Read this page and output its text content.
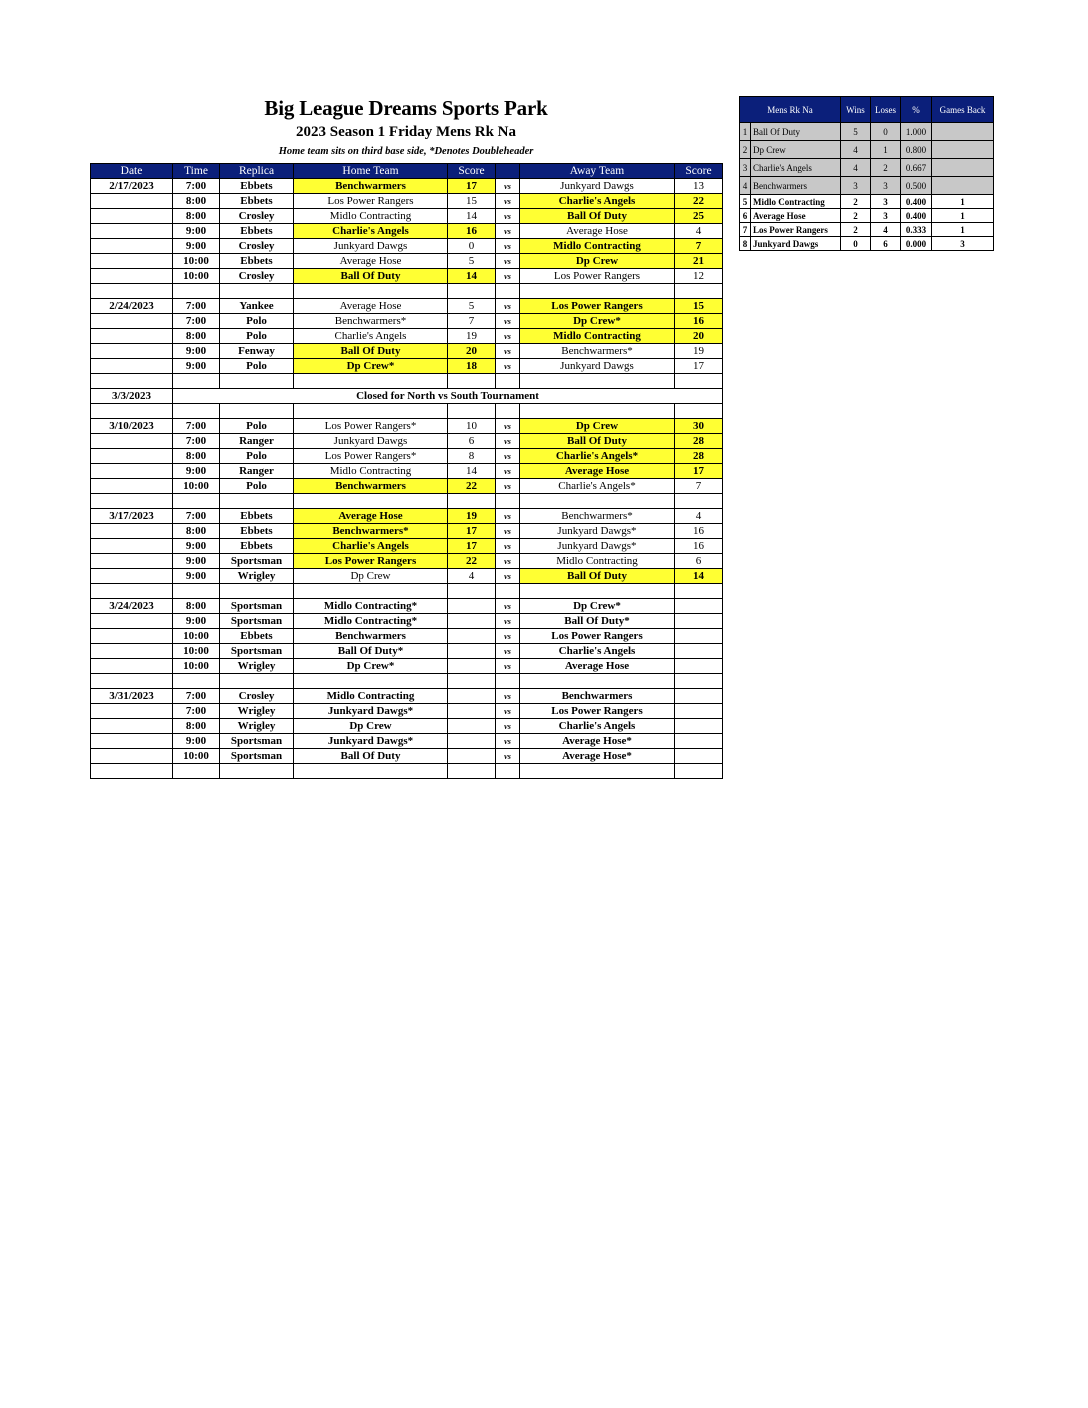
Big League Dreams Sports Park
2023 Season 1 Friday Mens Rk Na
Home team sits on third base side, *Denotes Doubleheader
Date	Time	Replica	Home Team	Score		Away Team	Score
2/17/2023	7:00	Ebbets	Benchwarmers	17	vs	Junkyard Dawgs	13
	8:00	Ebbets	Los Power Rangers	15	vs	Charlie's Angels	22
	8:00	Crosley	Midlo Contracting	14	vs	Ball Of Duty	25
	9:00	Ebbets	Charlie's Angels	16	vs	Average Hose	4
	9:00	Crosley	Junkyard Dawgs	0	vs	Midlo Contracting	7
	10:00	Ebbets	Average Hose	5	vs	Dp Crew	21
	10:00	Crosley	Ball Of Duty	14	vs	Los Power Rangers	12

2/24/2023	7:00	Yankee	Average Hose	5	vs	Los Power Rangers	15
	7:00	Polo	Benchwarmers*	7	vs	Dp Crew*	16
	8:00	Polo	Charlie's Angels	19	vs	Midlo Contracting	20
	9:00	Fenway	Ball Of Duty	20	vs	Benchwarmers*	19
	9:00	Polo	Dp Crew*	18	vs	Junkyard Dawgs	17

3/3/2023	Closed for North vs South Tournament						

3/10/2023	7:00	Polo	Los Power Rangers*	10	vs	Dp Crew	30
	7:00	Ranger	Junkyard Dawgs	6	vs	Ball Of Duty	28
	8:00	Polo	Los Power Rangers*	8	vs	Charlie's Angels*	28
	9:00	Ranger	Midlo Contracting	14	vs	Average Hose	17
	10:00	Polo	Benchwarmers	22	vs	Charlie's Angels*	7

3/17/2023	7:00	Ebbets	Average Hose	19	vs	Benchwarmers*	4
	8:00	Ebbets	Benchwarmers*	17	vs	Junkyard Dawgs*	16
	9:00	Ebbets	Charlie's Angels	17	vs	Junkyard Dawgs*	16
	9:00	Sportsman	Los Power Rangers	22	vs	Midlo Contracting	6
	9:00	Wrigley	Dp Crew	4	vs	Ball Of Duty	14

3/24/2023	8:00	Sportsman	Midlo Contracting*		vs	Dp Crew*	
	9:00	Sportsman	Midlo Contracting*		vs	Ball Of Duty*	
	10:00	Ebbets	Benchwarmers		vs	Los Power Rangers	
	10:00	Sportsman	Ball Of Duty*		vs	Charlie's Angels	
	10:00	Wrigley	Dp Crew*		vs	Average Hose	

3/31/2023	7:00	Crosley	Midlo Contracting		vs	Benchwarmers	
	7:00	Wrigley	Junkyard Dawgs*		vs	Los Power Rangers	
	8:00	Wrigley	Dp Crew		vs	Charlie's Angels	
	9:00	Sportsman	Junkyard Dawgs*		vs	Average Hose*	
	10:00	Sportsman	Ball Of Duty		vs	Average Hose*	

Mens Rk Na		Wins	Loses	%	Games Back
1	Ball Of Duty	5	0	1.000	
2	Dp Crew	4	1	0.800	
3	Charlie's Angels	4	2	0.667	
4	Benchwarmers	3	3	0.500	
5	Midlo Contracting	2	3	0.400	1
6	Average Hose	2	3	0.400	1
7	Los Power Rangers	2	4	0.333	1
8	Junkyard Dawgs	0	6	0.000	3
